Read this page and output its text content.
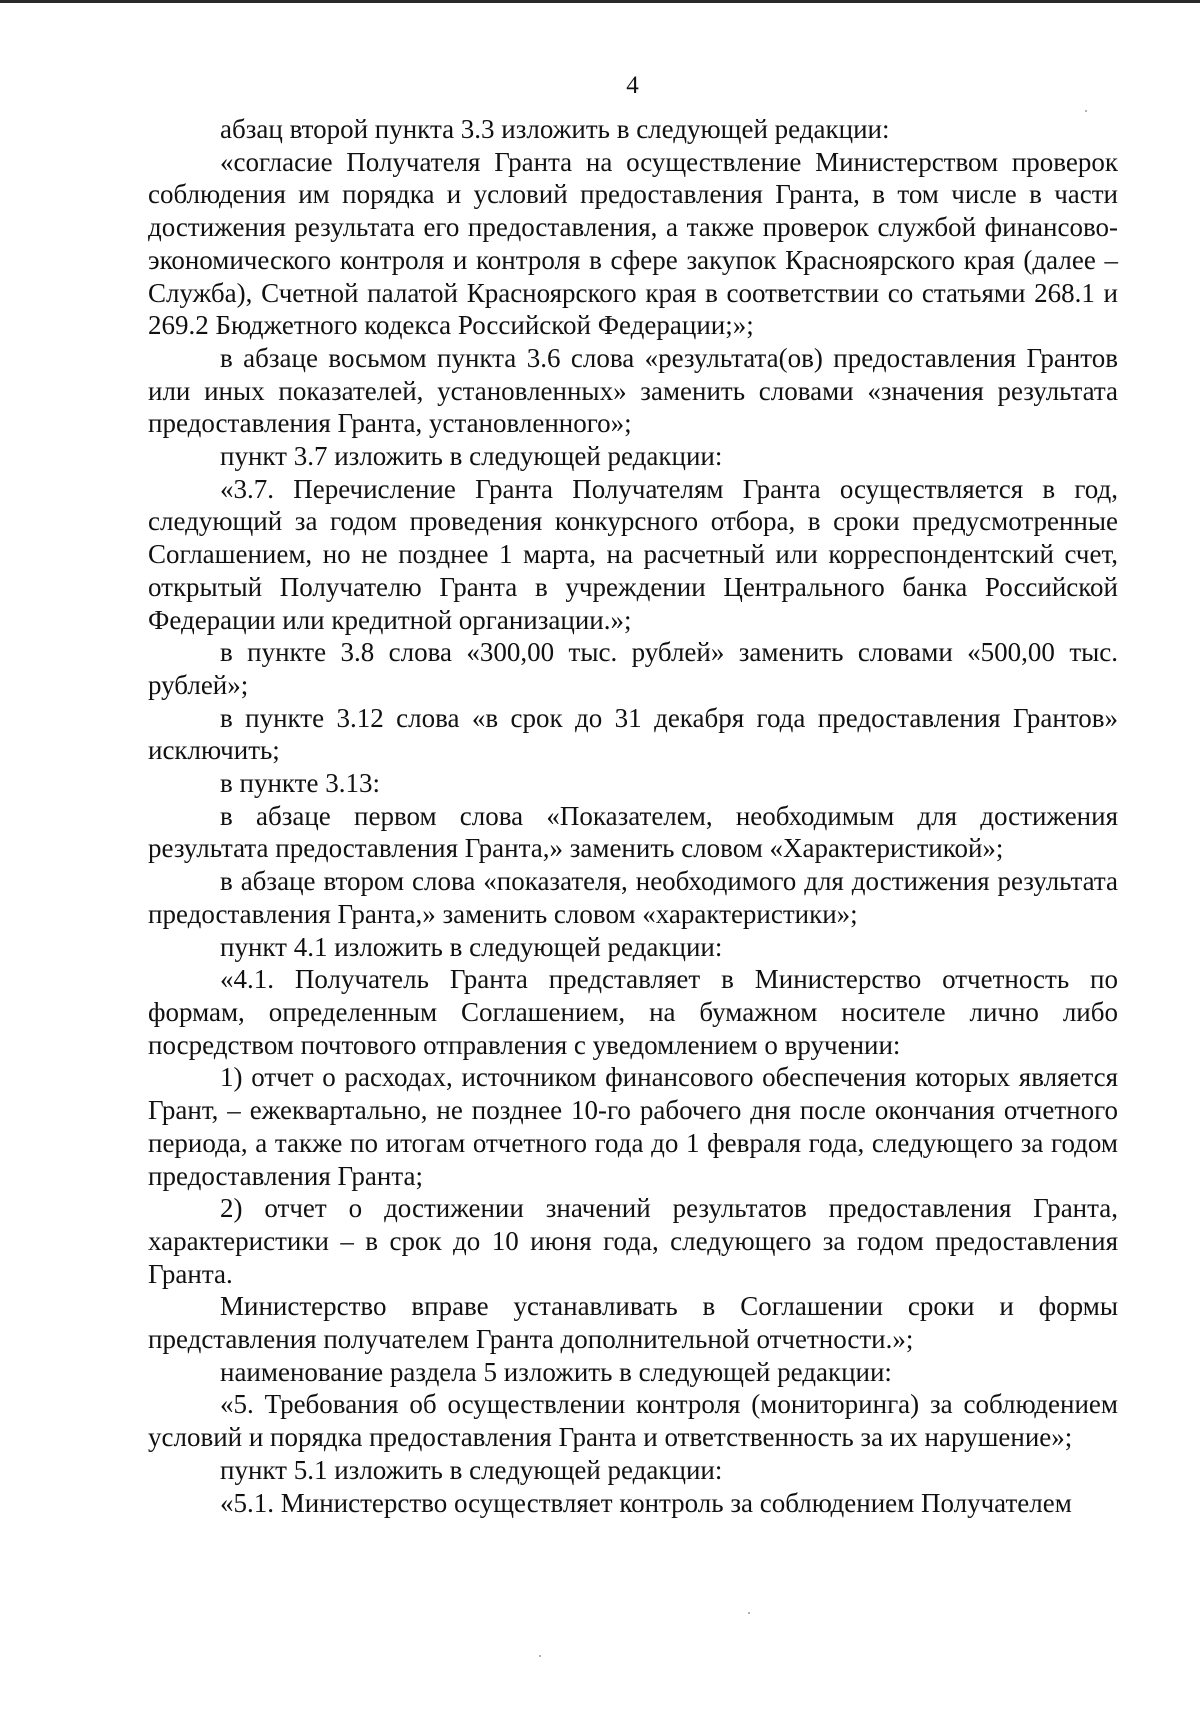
4

абзац второй пункта 3.3 изложить в следующей редакции:

«согласие Получателя Гранта на осуществление Министерством проверок соблюдения им порядка и условий предоставления Гранта, в том числе в части достижения результата его предоставления, а также проверок службой финансово-экономического контроля и контроля в сфере закупок Красноярского края (далее – Служба), Счетной палатой Красноярского края в соответствии со статьями 268.1 и 269.2 Бюджетного кодекса Российской Федерации;»;

в абзаце восьмом пункта 3.6 слова «результата(ов) предоставления Грантов или иных показателей, установленных» заменить словами «значения результата предоставления Гранта, установленного»;

пункт 3.7 изложить в следующей редакции:

«3.7. Перечисление Гранта Получателям Гранта осуществляется в год, следующий за годом проведения конкурсного отбора, в сроки предусмотренные Соглашением, но не позднее 1 марта, на расчетный или корреспондентский счет, открытый Получателю Гранта в учреждении Центрального банка Российской Федерации или кредитной организации.»;

в пункте 3.8 слова «300,00 тыс. рублей» заменить словами «500,00 тыс. рублей»;

в пункте 3.12 слова «в срок до 31 декабря года предоставления Грантов» исключить;

в пункте 3.13:

в абзаце первом слова «Показателем, необходимым для достижения результата предоставления Гранта,» заменить словом «Характеристикой»;

в абзаце втором слова «показателя, необходимого для достижения результата предоставления Гранта,» заменить словом «характеристики»;

пункт 4.1 изложить в следующей редакции:

«4.1. Получатель Гранта представляет в Министерство отчетность по формам, определенным Соглашением, на бумажном носителе лично либо посредством почтового отправления с уведомлением о вручении:

1) отчет о расходах, источником финансового обеспечения которых является Грант, – ежеквартально, не позднее 10-го рабочего дня после окончания отчетного периода, а также по итогам отчетного года до 1 февраля года, следующего за годом предоставления Гранта;

2) отчет о достижении значений результатов предоставления Гранта, характеристики – в срок до 10 июня года, следующего за годом предоставления Гранта.

Министерство вправе устанавливать в Соглашении сроки и формы представления получателем Гранта дополнительной отчетности.»;

наименование раздела 5 изложить в следующей редакции:

«5. Требования об осуществлении контроля (мониторинга) за соблюдением условий и порядка предоставления Гранта и ответственность за их нарушение»;

пункт 5.1 изложить в следующей редакции:

«5.1. Министерство осуществляет контроль за соблюдением Получателем
